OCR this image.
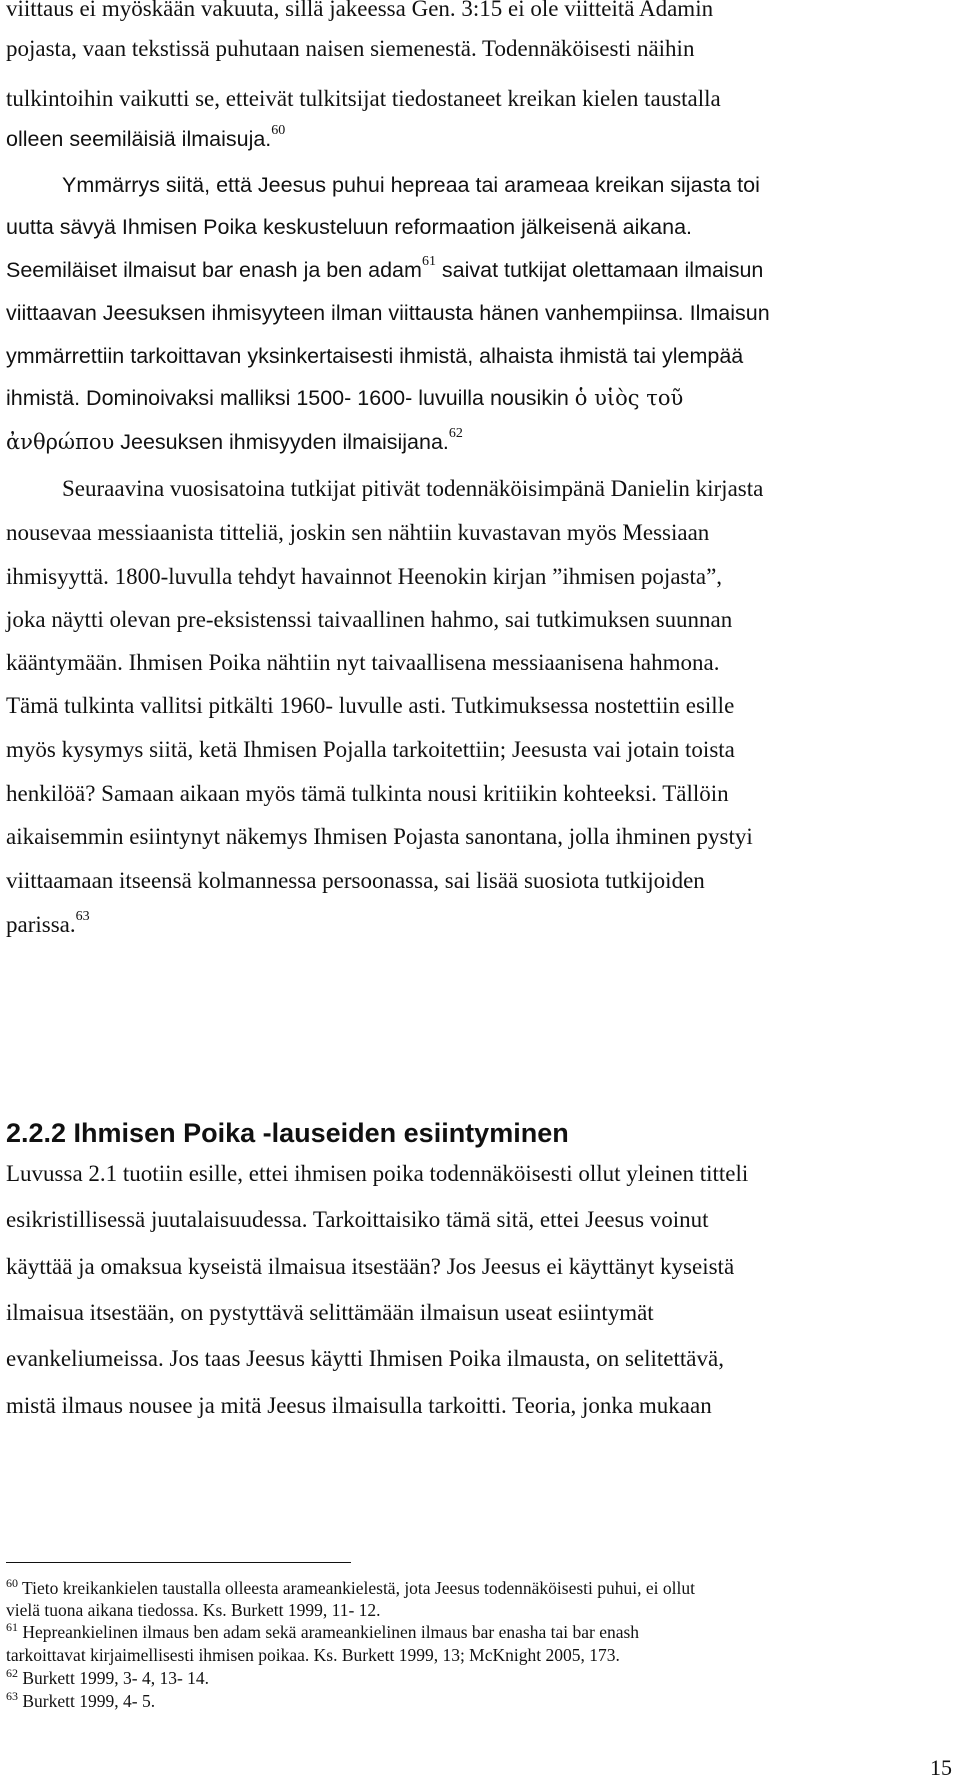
viittaus ei myöskään vakuuta, sillä jakeessa Gen. 3:15 ei ole viitteitä Adamin
pojasta, vaan tekstissä puhutaan naisen siemenestä. Todennäköisesti näihin
tulkintoihin vaikutti se, etteivät tulkitsijat tiedostaneet kreikan kielen taustalla
olleen seemiläisiä ilmaisuja.$^{60}$
Ymmärrys siitä, että Jeesus puhui hepreaa tai arameaa kreikan sijasta toi
uutta sävyä Ihmisen Poika keskusteluun reformaation jälkeisenä aikana.
Seemiläiset ilmaisut bar enash ja ben adam$^{61}$ saivat tutkijat olettamaan ilmaisun
viittaavan Jeesuksen ihmisyyteen ilman viittausta hänen vanhempiinsa. Ilmaisun
ymmärrettiin tarkoittavan yksinkertaisesti ihmistä, alhaista ihmistä tai ylempää
ihmistä. Dominoivaksi malliksi 1500- 1600- luvuilla nousikin ὁ υἱὸς τοῦ
ἀνθρώπου Jeesuksen ihmisyyden ilmaisijana.$^{62}$
Seuraavina vuosisatoina tutkijat pitivät todennäköisimpänä Danielin kirjasta
nousevaa messiaanista titteliä, joskin sen nähtiin kuvastavan myös Messiaan
ihmisyyttä. 1800-luvulla tehdyt havainnot Heenokin kirjan ”ihmisen pojasta”,
joka näytti olevan pre-eksistenssi taivaallinen hahmo, sai tutkimuksen suunnan
kääntymään. Ihmisen Poika nähtiin nyt taivaallisena messiaanisena hahmona.
Tämä tulkinta vallitsi pitkälti 1960- luvulle asti. Tutkimuksessa nostettiin esille
myös kysymys siitä, ketä Ihmisen Pojalla tarkoitettiin; Jeesusta vai jotain toista
henkilöä? Samaan aikaan myös tämä tulkinta nousi kritiikin kohteeksi. Tällöin
aikaisemmin esiintynyt näkemys Ihmisen Pojasta sanontana, jolla ihminen pystyi
viittaamaan itseensä kolmannessa persoonassa, sai lisää suosiota tutkijoiden
parissa.$^{63}$
2.2.2 Ihmisen Poika -lauseiden esiintyminen
Luvussa 2.1 tuotiin esille, ettei ihmisen poika todennäköisesti ollut yleinen titteli
esikristillisessä juutalaisuudessa. Tarkoittaisiko tämä sitä, ettei Jeesus voinut
käyttää ja omaksua kyseistä ilmaisua itsestään? Jos Jeesus ei käyttänyt kyseistä
ilmaisua itsestään, on pystyttävä selittämään ilmaisun useat esiintymät
evankeliumeissa. Jos taas Jeesus käytti Ihmisen Poika ilmausta, on selitettävä,
mistä ilmaus nousee ja mitä Jeesus ilmaisulla tarkoitti. Teoria, jonka mukaan
$^{60}$ Tieto kreikankielen taustalla olleesta arameankielestä, jota Jeesus todennäköisesti puhui, ei ollut
vielä tuona aikana tiedossa. Ks. Burkett 1999, 11- 12.
$^{61}$ Hepreankielinen ilmaus ben adam sekä arameankielinen ilmaus bar enasha tai bar enash
tarkoittavat kirjaimellisesti ihmisen poikaa. Ks. Burkett 1999, 13; McKnight 2005, 173.
$^{62}$ Burkett 1999, 3- 4, 13- 14.
$^{63}$ Burkett 1999, 4- 5.
15
